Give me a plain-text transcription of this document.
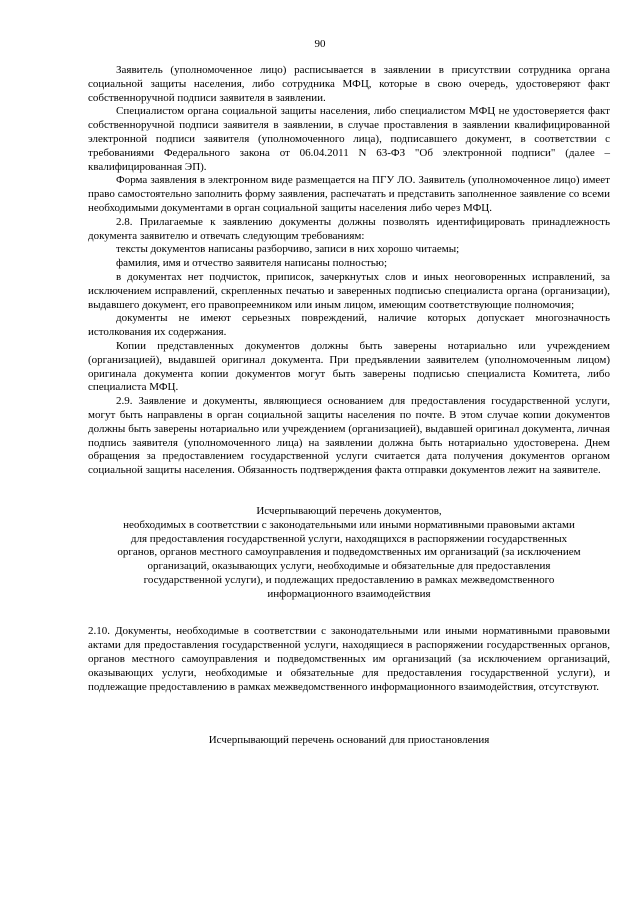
90

Заявитель (уполномоченное лицо) расписывается в заявлении в присутствии сотрудника органа социальной защиты населения, либо сотрудника МФЦ, которые в свою очередь, удостоверяют факт собственноручной подписи заявителя в заявлении.

Специалистом органа социальной защиты населения, либо специалистом МФЦ не удостоверяется факт собственноручной подписи заявителя в заявлении, в случае проставления в заявлении квалифицированной электронной подписи заявителя (уполномоченного лица), подписавшего документ, в соответствии с требованиями Федерального закона от 06.04.2011 N 63-ФЗ "Об электронной подписи" (далее – квалифицированная ЭП).

Форма заявления в электронном виде размещается на ПГУ ЛО. Заявитель (уполномоченное лицо) имеет право самостоятельно заполнить форму заявления, распечатать и представить заполненное заявление со всеми необходимыми документами в орган социальной защиты населения либо через МФЦ.

2.8. Прилагаемые к заявлению документы должны позволять идентифицировать принадлежность документа заявителю и отвечать следующим требованиям:

тексты документов написаны разборчиво, записи в них хорошо читаемы;

фамилия, имя и отчество заявителя написаны полностью;

в документах нет подчисток, приписок, зачеркнутых слов и иных неоговоренных исправлений, за исключением исправлений, скрепленных печатью и заверенных подписью специалиста органа (организации), выдавшего документ, его правопреемником или иным лицом, имеющим соответствующие полномочия;

документы не имеют серьезных повреждений, наличие которых допускает многозначность истолкования их содержания.

Копии представленных документов должны быть заверены нотариально или учреждением (организацией), выдавшей оригинал документа. При предъявлении заявителем (уполномоченным лицом) оригинала документа копии документов могут быть заверены подписью специалиста Комитета, либо специалиста МФЦ.

2.9. Заявление и документы, являющиеся основанием для предоставления государственной услуги, могут быть направлены в орган социальной защиты населения по почте. В этом случае копии документов должны быть заверены нотариально или учреждением (организацией), выдавшей оригинал документа, личная подпись заявителя (уполномоченного лица) на заявлении должна быть нотариально удостоверена. Днем обращения за предоставлением государственной услуги считается дата получения документов органом социальной защиты населения. Обязанность подтверждения факта отправки документов лежит на заявителе.

Исчерпывающий перечень документов,
необходимых в соответствии с законодательными или иными нормативными правовыми актами
для предоставления государственной услуги, находящихся в распоряжении государственных
органов, органов местного самоуправления и подведомственных им организаций (за исключением
организаций, оказывающих услуги, необходимые и обязательные для предоставления
государственной услуги), и подлежащих предоставлению в рамках межведомственного
информационного взаимодействия

2.10. Документы, необходимые в соответствии с законодательными или иными нормативными правовыми актами для предоставления государственной услуги, находящиеся в распоряжении государственных органов, органов местного самоуправления и подведомственных им организаций (за исключением организаций, оказывающих услуги, необходимые и обязательные для предоставления государственной услуги), и подлежащие предоставлению в рамках межведомственного информационного взаимодействия, отсутствуют.

Исчерпывающий перечень оснований для приостановления
